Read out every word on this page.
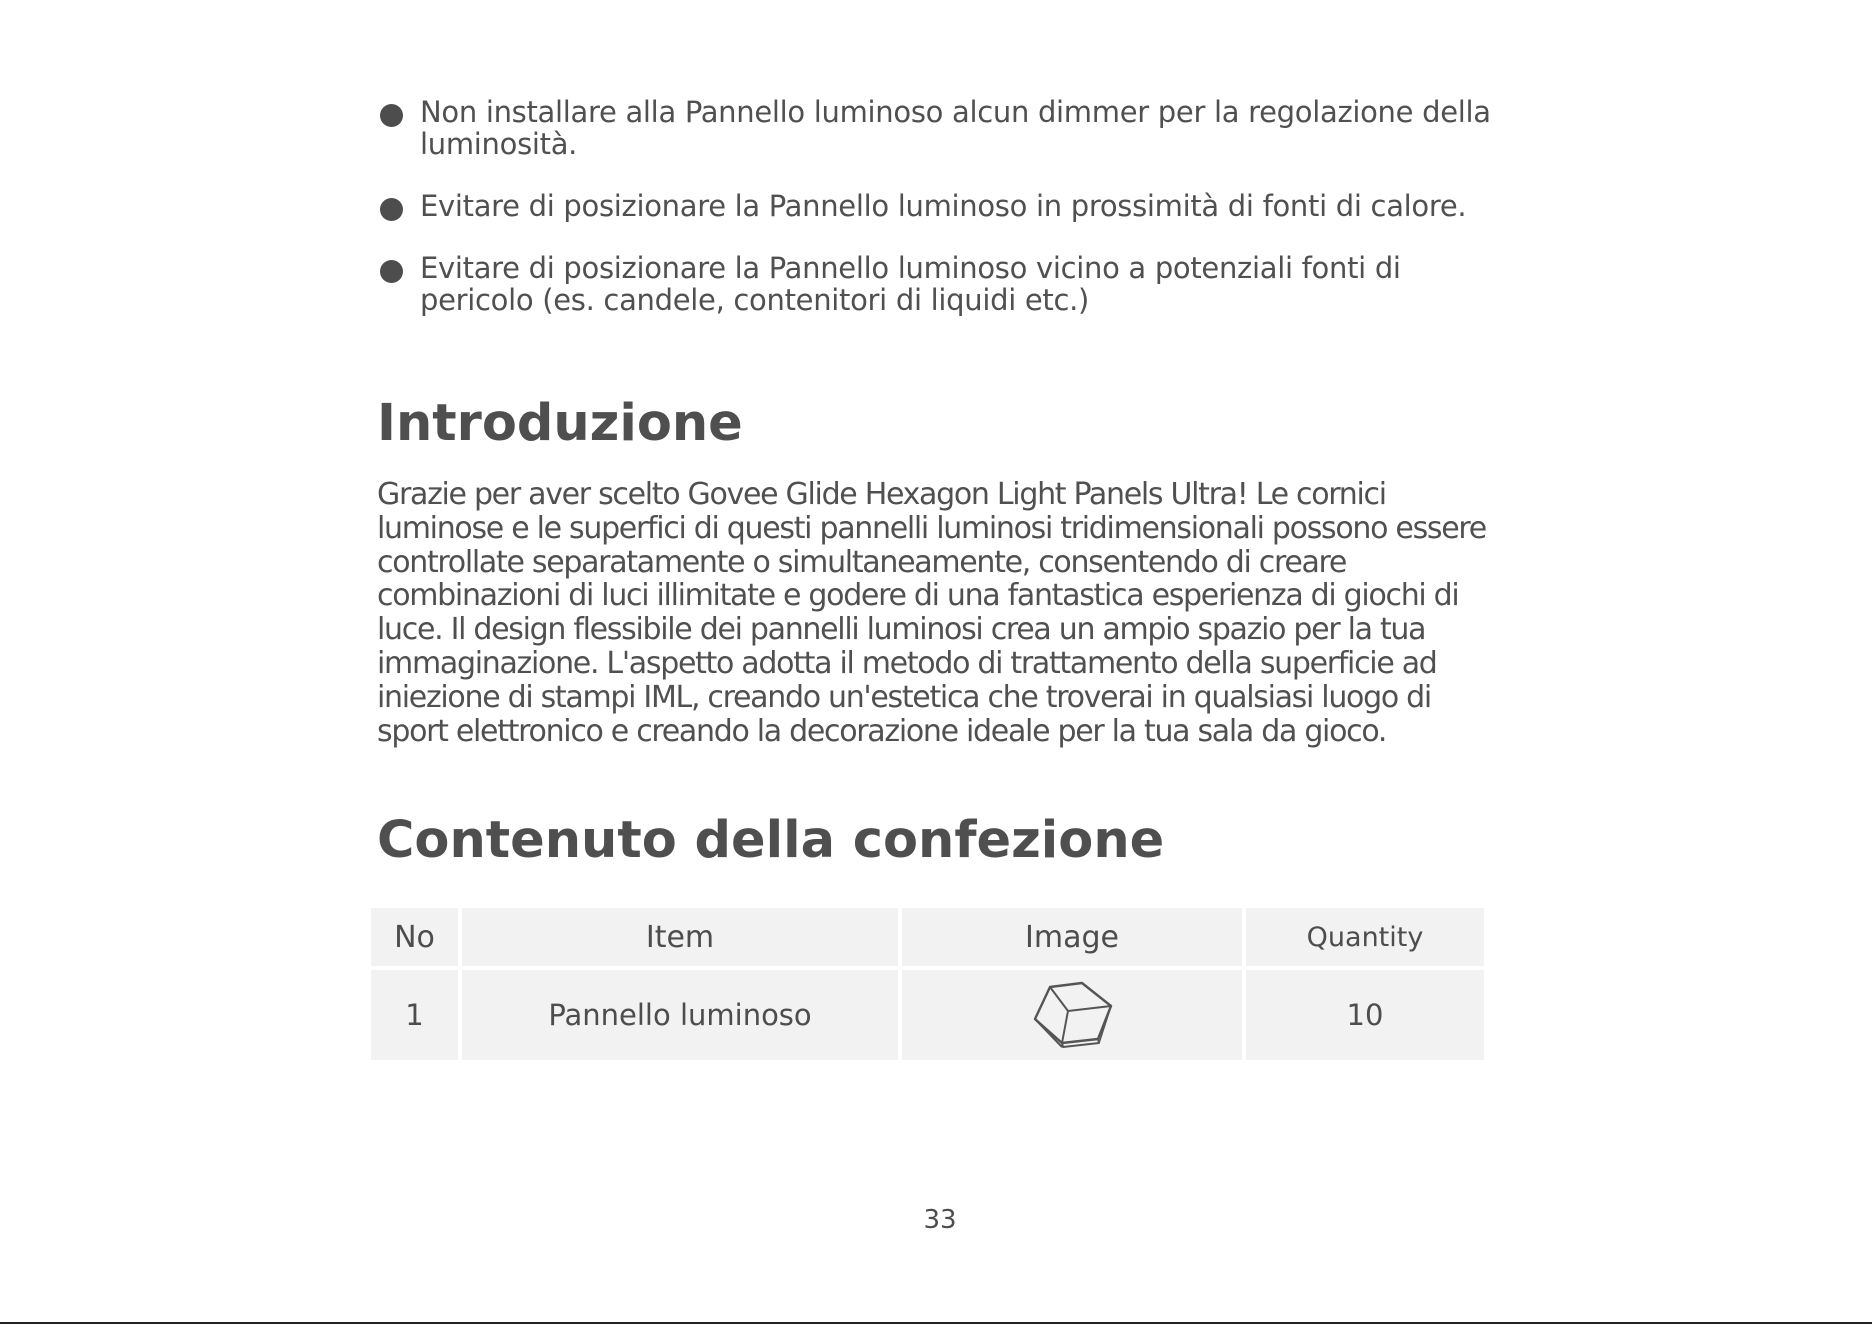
Non installare alla Pannello luminoso alcun dimmer per la regolazione della luminosità.
Evitare di posizionare la Pannello luminoso in prossimità di fonti di calore.
Evitare di posizionare la Pannello luminoso vicino a potenziali fonti di pericolo (es. candele, contenitori di liquidi etc.)
Introduzione

Grazie per aver scelto Govee Glide Hexagon Light Panels Ultra! Le cornici luminose e le superfici di questi pannelli luminosi tridimensionali possono essere controllate separatamente o simultaneamente, consentendo di creare combinazioni di luci illimitate e godere di una fantastica esperienza di giochi di luce. Il design flessibile dei pannelli luminosi crea un ampio spazio per la tua immaginazione. L'aspetto adotta il metodo di trattamento della superficie ad iniezione di stampi IML, creando un'estetica che troverai in qualsiasi luogo di sport elettronico e creando la decorazione ideale per la tua sala da gioco.

Contenuto della confezione
No	Item	Image	Quantity
1	Pannello luminoso		10
33
